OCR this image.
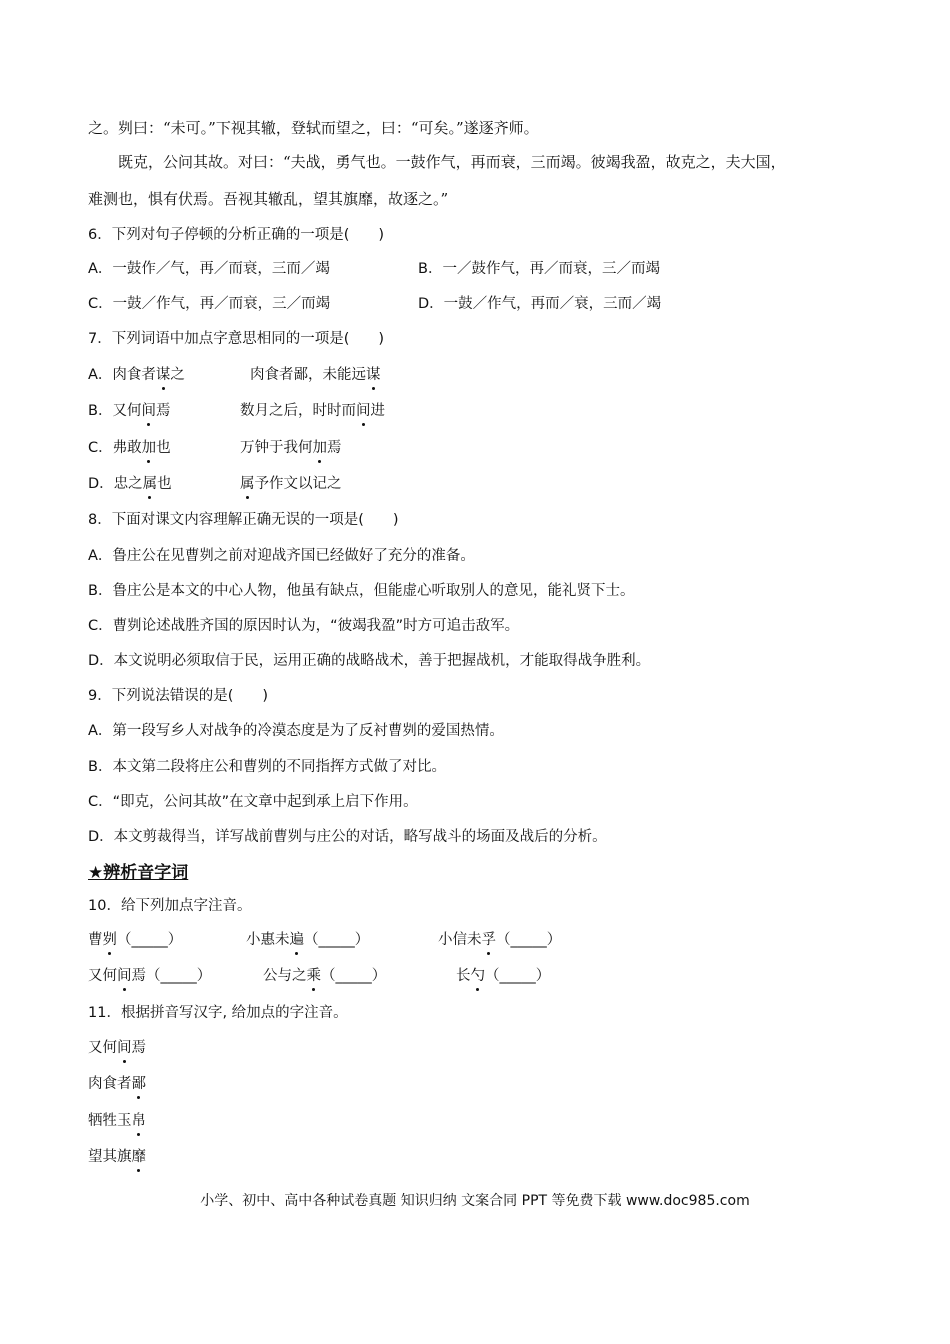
之。刿曰：“未可。”下视其辙，登轼而望之，曰：“可矣。”遂逐齐师。
既克，公问其故。对曰：“夫战，勇气也。一鼓作气，再而衰，三而竭。彼竭我盈，故克之，夫大国，
难测也，惧有伏焉。吾视其辙乱，望其旗靡，故逐之。”
6．下列对句子停顿的分析正确的一项是(　　)
A．一鼓作／气，再／而衰，三而／竭	B．一／鼓作气，再／而衰，三／而竭
C．一鼓／作气，再／而衰，三／而竭	D．一鼓／作气，再而／衰，三而／竭
7．下列词语中加点字意思相同的一项是(　　)
A．肉食者谋之	肉食者鄙，未能远谋
B．又何间焉	数月之后，时时而间进
C．弗敢加也	万钟于我何加焉
D．忠之属也	属予作文以记之
8．下面对课文内容理解正确无误的一项是(　　)
A．鲁庄公在见曹刿之前对迎战齐国已经做好了充分的准备。
B．鲁庄公是本文的中心人物，他虽有缺点，但能虚心听取别人的意见，能礼贤下士。
C．曹刿论述战胜齐国的原因时认为，“彼竭我盈”时方可追击敌军。
D．本文说明必须取信于民，运用正确的战略战术，善于把握战机，才能取得战争胜利。
9．下列说法错误的是(　　)
A．第一段写乡人对战争的冷漠态度是为了反衬曹刿的爱国热情。
B．本文第二段将庄公和曹刿的不同指挥方式做了对比。
C．“即克，公问其故”在文章中起到承上启下作用。
D．本文剪裁得当，详写战前曹刿与庄公的对话，略写战斗的场面及战后的分析。
★辨析音字词
10．给下列加点字注音。
曹刿（_____）	小惠未遍（_____）	小信未孚（_____）
又何间焉（_____）	公与之乘（_____）	长勺（_____）
11．根据拼音写汉字, 给加点的字注音。
又何间焉
肉食者鄙
牺牲玉帛
望其旗靡
小学、初中、高中各种试卷真题 知识归纳 文案合同 PPT 等免费下载 www.doc985.com
